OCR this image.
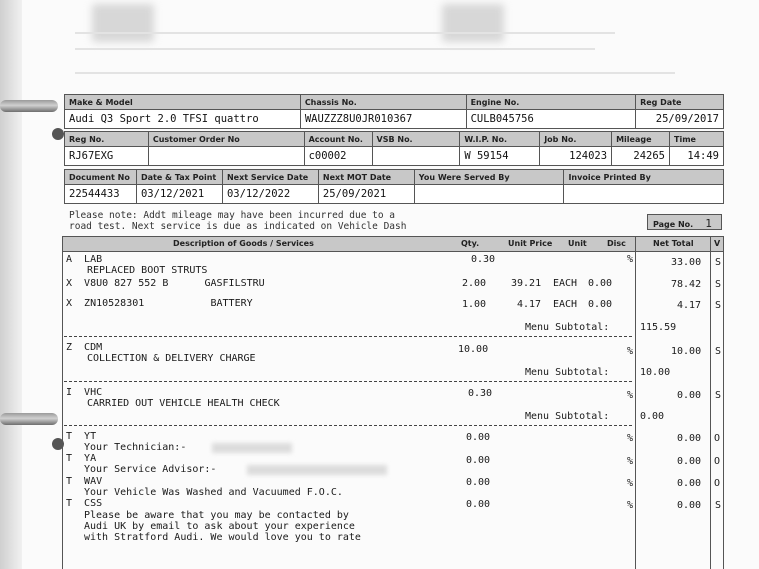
Make & Model	Chassis No.	Engine No.	Reg Date
Audi Q3 Sport 2.0 TFSI quattro	WAUZZZ8U0JR010367	CULB045756	25/09/2017
Reg No.	Customer Order No	Account No.	VSB No.	W.I.P. No.	Job No.	Mileage	Time
RJ67EXG		c00002		W 59154	124023	24265	14:49
Document No	Date & Tax Point	Next Service Date	Next MOT Date	You Were Served By	Invoice Printed By
22544433	03/12/2021	03/12/2022	25/09/2021		
Please note: Addt mileage may have been incurred due to a
road test. Next service is due as indicated on Vehicle Dash	Page No. 1
Description of Goods / Services	Qty.	Unit Price Unit	Disc	Net Total	V
A  LAB	0.30	%	33.00 S
REPLACED BOOT STRUTS
X  V8U0 827 552 B      GASFILSTRU	2.00 39.21 EACH 0.00	78.42 S
X  ZN10528301           BATTERY	1.00	4.17 EACH 0.00	4.17 S
Menu Subtotal:	115.59
Z  CDM	10.00	%	10.00 S
COLLECTION & DELIVERY CHARGE
Menu Subtotal:	10.00
I  VHC	0.30	%	0.00 S
CARRIED OUT VEHICLE HEALTH CHECK
Menu Subtotal:	0.00
T  YT	0.00	%	0.00 O
Your Technician:-
T  YA	0.00	%	0.00 O
Your Service Advisor:-
T  WAV	0.00	%	0.00 O
Your Vehicle Was Washed and Vacuumed F.O.C.
T  CSS	0.00	%	0.00 S
Please be aware that you may be contacted by
Audi UK by email to ask about your experience
with Stratford Audi. We would love you to rate
